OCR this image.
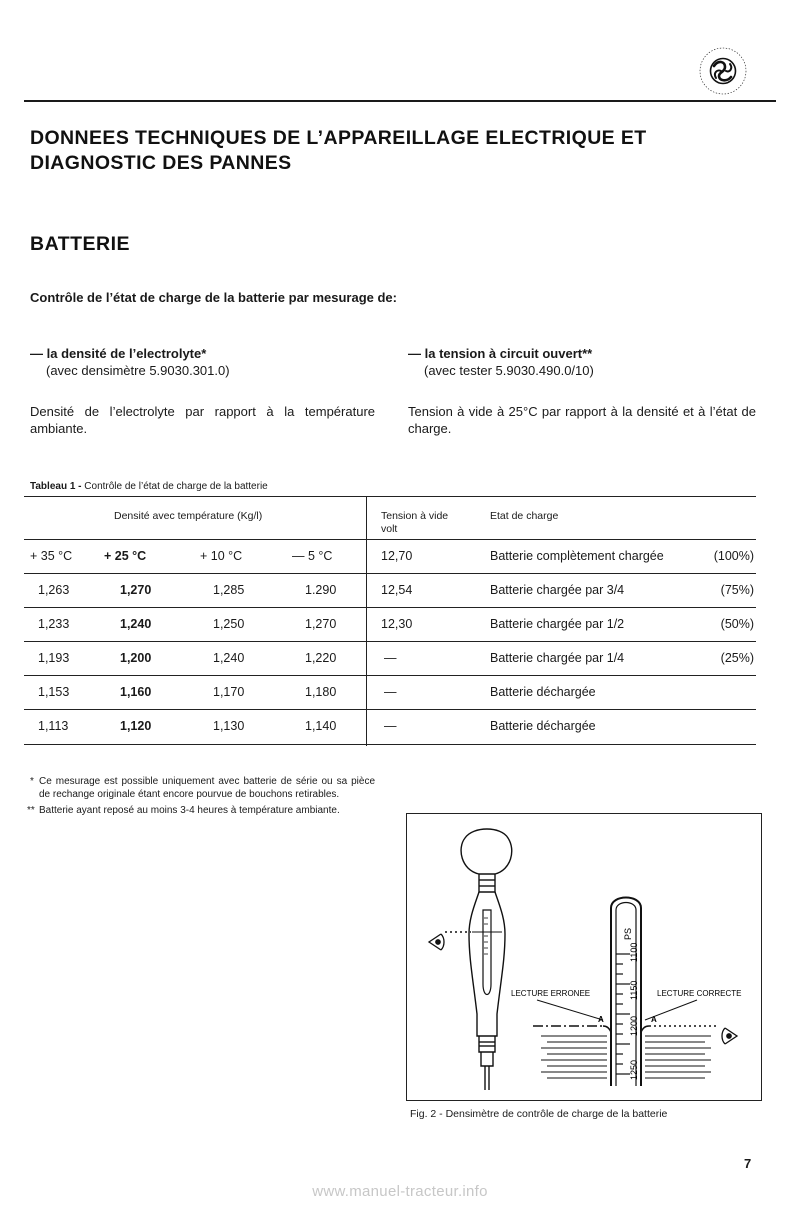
DONNEES TECHNIQUES DE L’APPAREILLAGE ELECTRIQUE ET DIAGNOSTIC DES PANNES
BATTERIE
Contrôle de l’état de charge de la batterie par mesurage de:
— la densité de l’electrolyte*
(avec densimètre 5.9030.301.0)
— la tension à circuit ouvert**
(avec tester 5.9030.490.0/10)
Densité de l’electrolyte par rapport à la température ambiante.
Tension à vide à 25°C par rapport à la densité et à l’état de charge.
Tableau 1 - Contrôle de l’état de charge de la batterie
Densité avec température (Kg/l)	Tension à vide
volt
Etat de charge
+ 35 °C	+ 25 °C	+ 10 °C	— 5 °C	12,70	Batterie complètement chargée	(100%)
1,263	1,270	1,285	1.290	12,54	Batterie chargée par 3/4	(75%)
1,233	1,240	1,250	1,270	12,30	Batterie chargée par 1/2	(50%)
1,193	1,200	1,240	1,220	—	Batterie chargée par 1/4	(25%)
1,153	1,160	1,170	1,180	—	Batterie déchargée
1,113	1,120	1,130	1,140	—	Batterie déchargée
* Ce mesurage est possible uniquement avec batterie de série ou sa pièce de rechange originale étant encore pourvue de bouchons retirables.
** Batterie ayant reposé au moins 3-4 heures à température ambiante.
PS
1100
1150
1200
1250
LECTURE ERRONEE	LECTURE CORRECTE
A	A
Fig. 2 - Densimètre de contrôle de charge de la batterie
7
www.manuel-tracteur.info
